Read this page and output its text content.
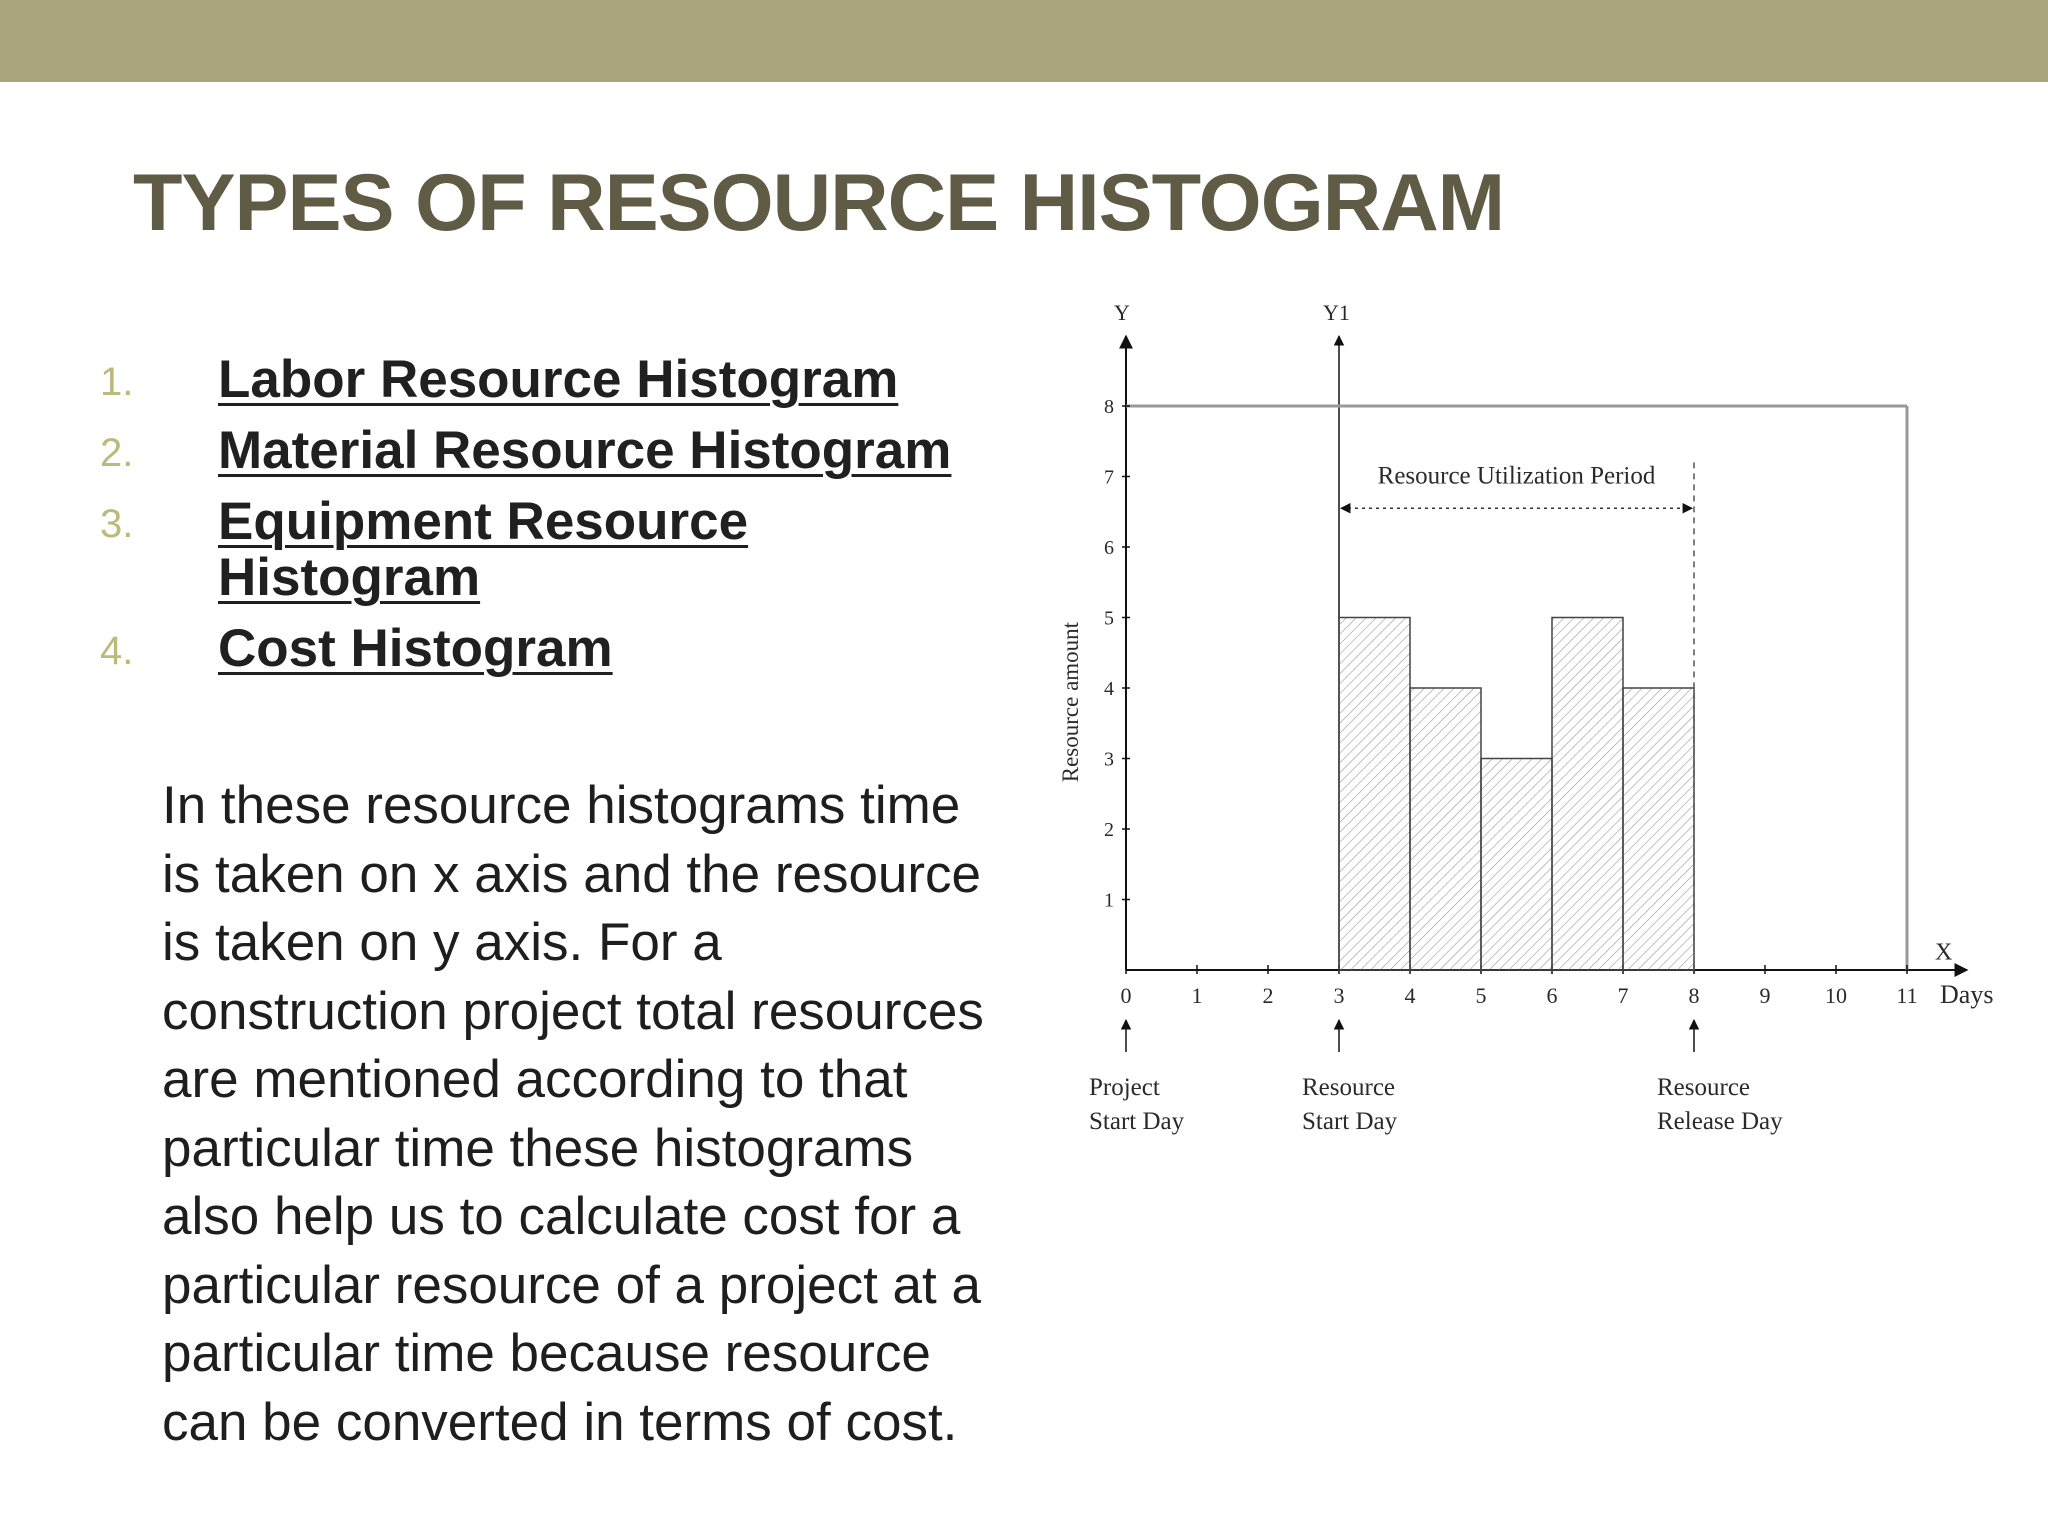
TYPES OF RESOURCE HISTOGRAM
1.	Labor Resource Histogram
2.	Material Resource Histogram
3.	Equipment Resource Histogram
4.	Cost Histogram
In these resource histograms time
is taken on x axis and the resource
is taken on y axis. For a
construction project total resources
are mentioned according to that
particular time these histograms
also help us to calculate cost for a
particular resource of a project at a
particular time because resource
can be converted in terms of cost.
Y	Y1
X
Days
Resource amount
1
2
3
4
5
6
7
8
0	1	2	3	4	5	6	7	8	9 10 11
Resource Utilization Period
Project
Start Day
Resource
Start Day
Resource
Release Day
